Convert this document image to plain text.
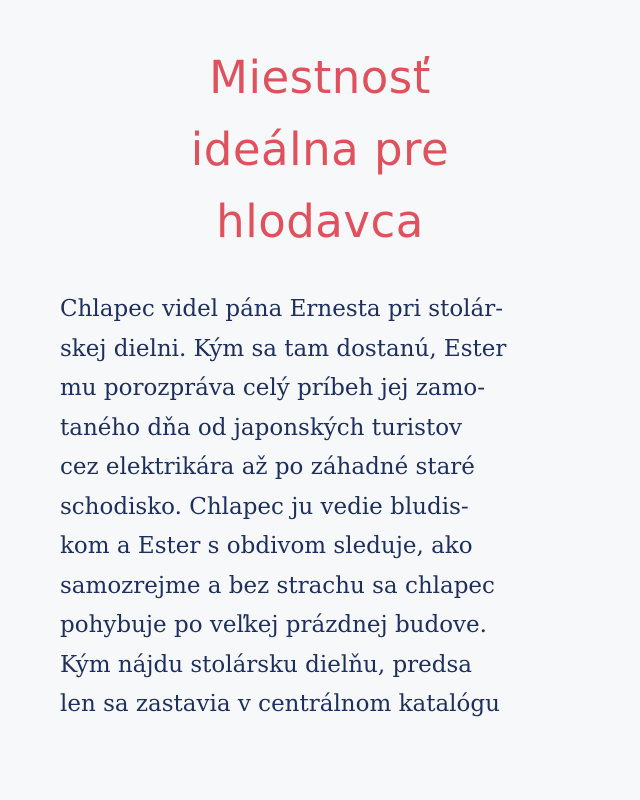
Miestnosť
ideálna pre
hlodavca
Chlapec videl pána Ernesta pri stolár-
skej dielni. Kým sa tam dostanú, Ester
mu porozpráva celý príbeh jej zamo-
taného dňa od japonských turistov
cez elektrikára až po záhadné staré
schodisko. Chlapec ju vedie bludis-
kom a Ester s obdivom sleduje, ako
samozrejme a bez strachu sa chlapec
pohybuje po veľkej prázdnej budove.
Kým nájdu stolársku dielňu, predsa
len sa zastavia v centrálnom katalógu
